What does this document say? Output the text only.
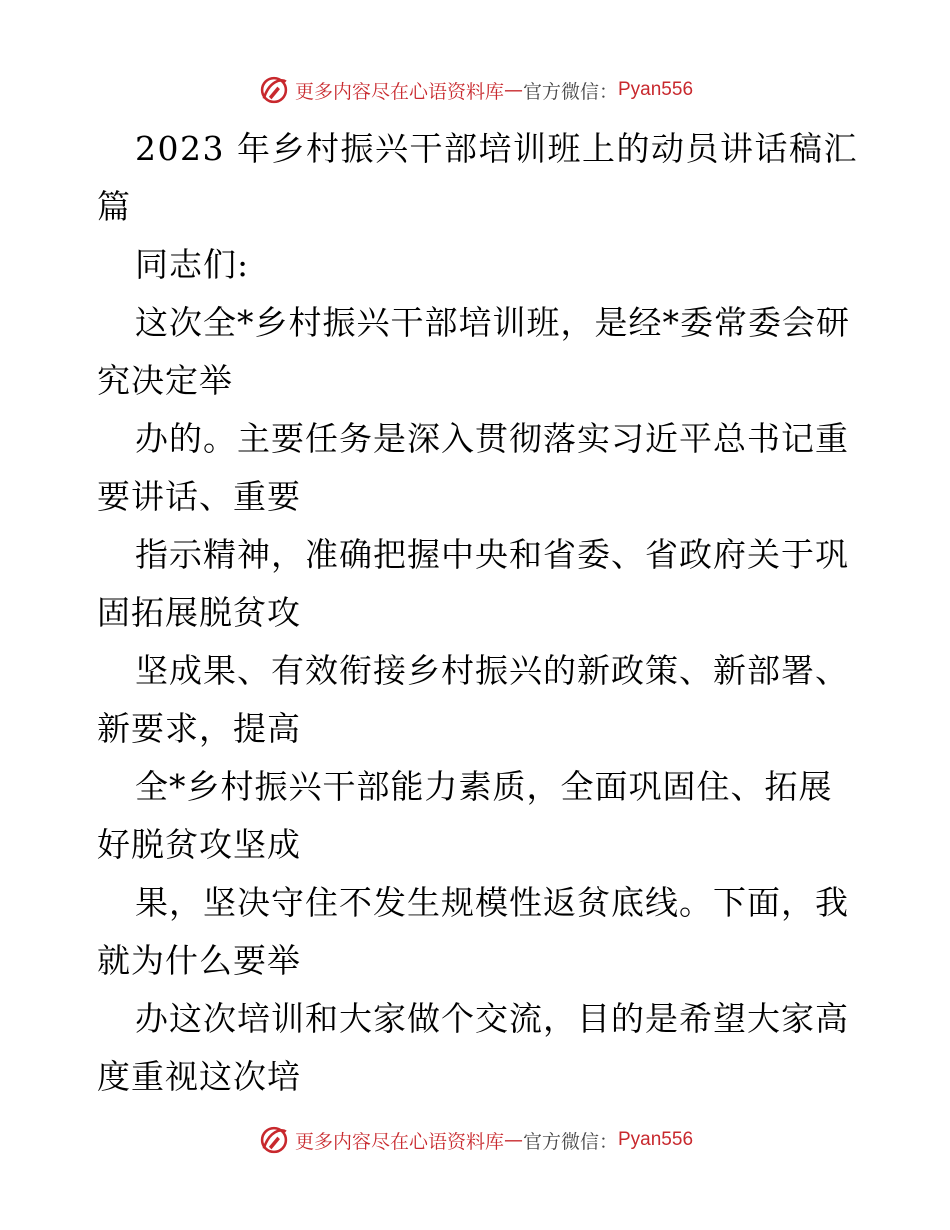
更多内容尽在心语资料库 — 官方微信： Pyan556
2023 年乡村振兴干部培训班上的动员讲话稿汇
篇
同志们:
这次全*乡村振兴干部培训班，是经*委常委会研
究决定举
办的。主要任务是深入贯彻落实习近平总书记重
要讲话、重要
指示精神，准确把握中央和省委、省政府关于巩
固拓展脱贫攻
坚成果、有效衔接乡村振兴的新政策、新部署、
新要求，提高
全*乡村振兴干部能力素质，全面巩固住、拓展
好脱贫攻坚成
果，坚决守住不发生规模性返贫底线。下面，我
就为什么要举
办这次培训和大家做个交流，目的是希望大家高
度重视这次培
更多内容尽在心语资料库 — 官方微信： Pyan556
